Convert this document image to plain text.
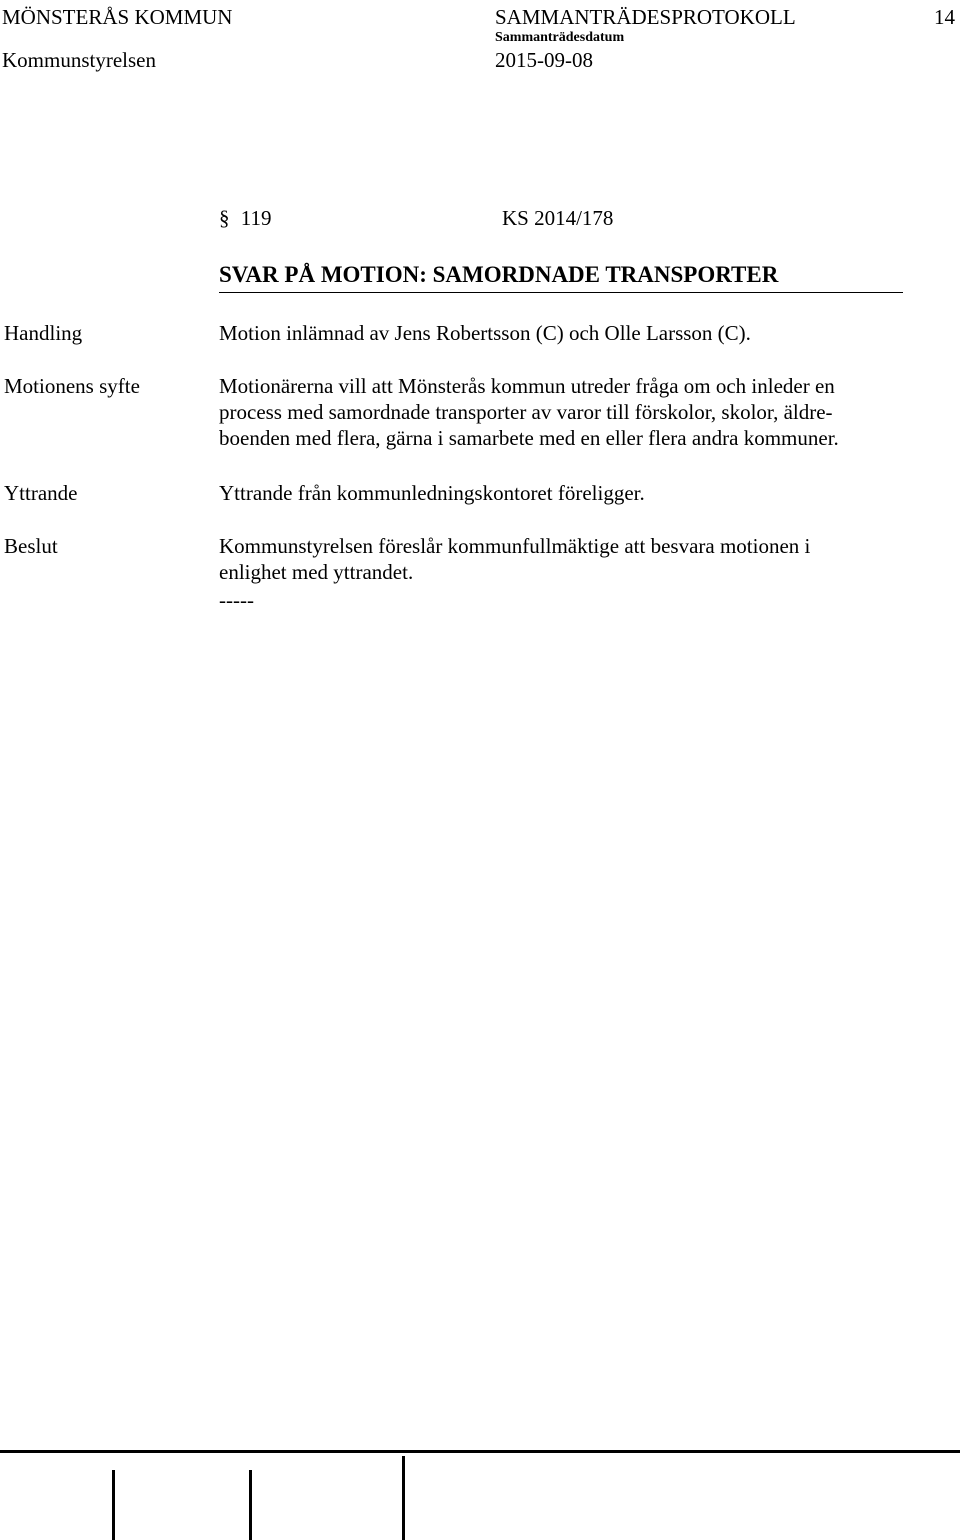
MÖNSTERÅS KOMMUN	SAMMANTRÄDESPROTOKOLL	14
Sammanträdesdatum
Kommunstyrelsen	2015-09-08
§ 119	KS 2014/178
SVAR PÅ MOTION: SAMORDNADE TRANSPORTER
Handling	Motion inlämnad av Jens Robertsson (C) och Olle Larsson (C).
Motionens syfte	Motionärerna vill att Mönsterås kommun utreder fråga om och inleder en
process med samordnade transporter av varor till förskolor, skolor, äldre-
boenden med flera, gärna i samarbete med en eller flera andra kommuner.
Yttrande	Yttrande från kommunledningskontoret föreligger.
Beslut	Kommunstyrelsen föreslår kommunfullmäktige att besvara motionen i
enlighet med yttrandet.
-----
